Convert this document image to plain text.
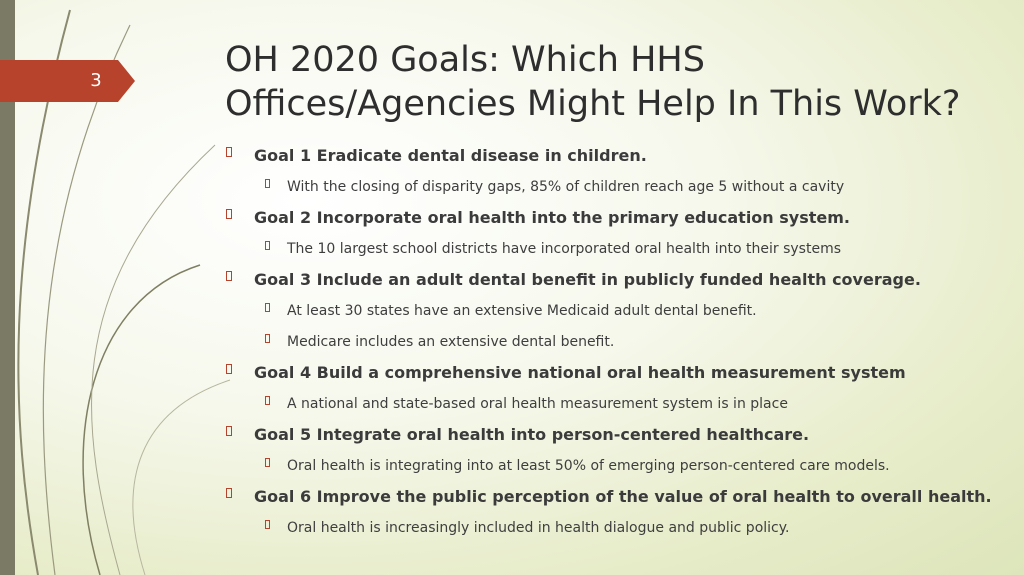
3
OH 2020 Goals: Which HHS
Offices/Agencies Might Help In This Work?
Goal 1 Eradicate dental disease in children.
With the closing of disparity gaps, 85% of children reach age 5 without a cavity
Goal 2 Incorporate oral health into the primary education system.
The 10 largest school districts have incorporated oral health into their systems
Goal 3 Include an adult dental benefit in publicly funded health coverage.
At least 30 states have an extensive Medicaid adult dental benefit.
Medicare includes an extensive dental benefit.
Goal 4 Build a comprehensive national oral health measurement system
A national and state-based oral health measurement system is in place
Goal 5 Integrate oral health into person-centered healthcare.
Oral health is integrating into at least 50% of emerging person-centered care models.
Goal 6 Improve the public perception of the value of oral health to overall health.
Oral health is increasingly included in health dialogue and public policy.
